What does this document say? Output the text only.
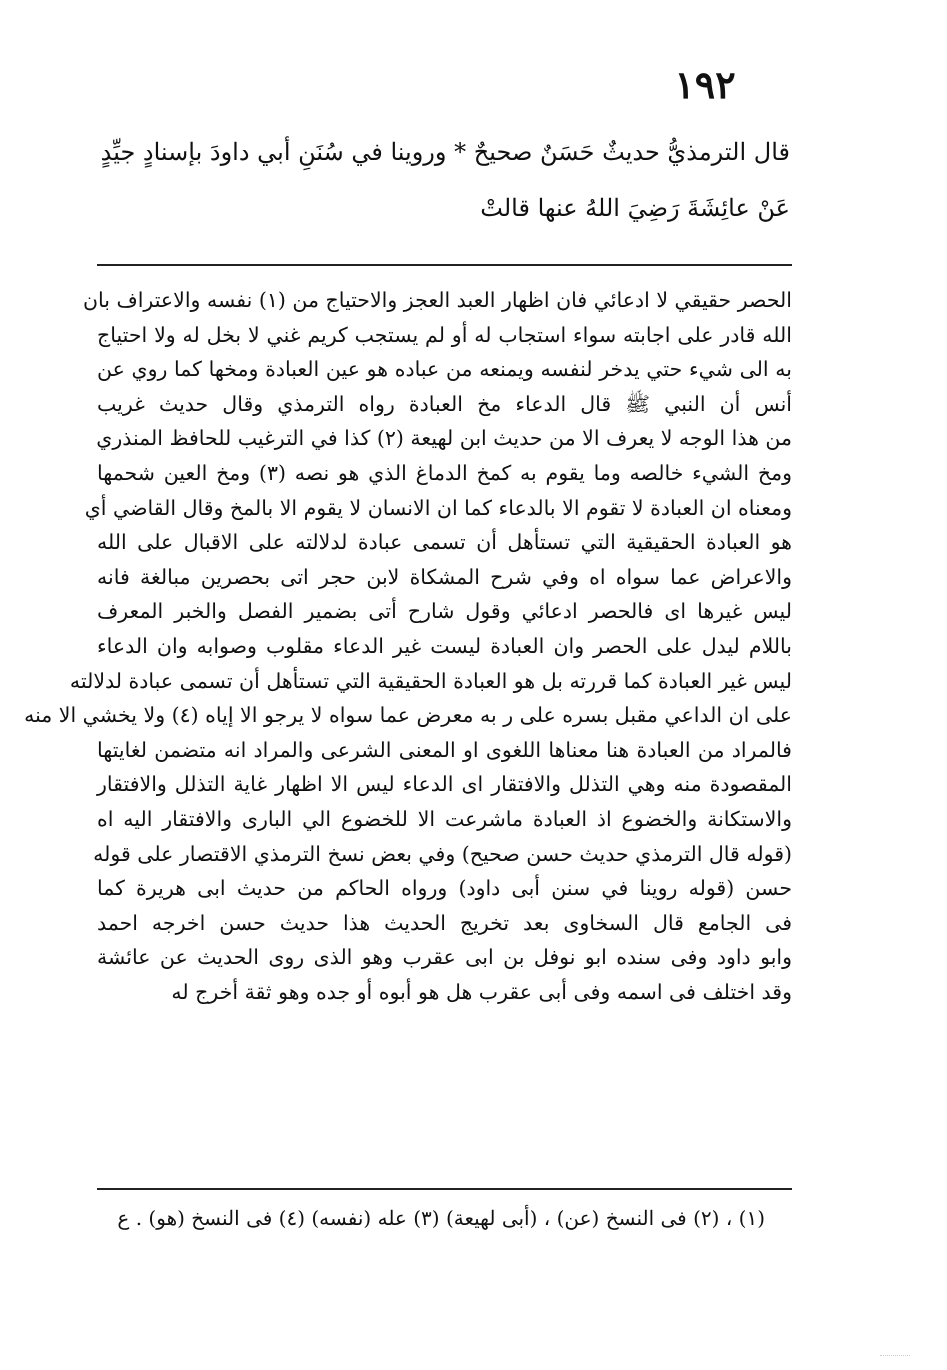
١٩٢
قال الترمذيُّ حديثٌ حَسَنٌ صحيحٌ * وروينا في سُنَنِ أبي داودَ بإسنادٍ جيِّدٍ
عَنْ عائِشَةَ رَضِيَ اللهُ عنها قالتْ
الحصر حقيقي لا ادعائي فان اظهار العبد العجز والاحتياج من (١) نفسه والاعتراف بان
الله قادر على اجابته سواء استجاب له أو لم يستجب كريم غني لا بخل له ولا احتياج
به الى شيء حتي يدخر لنفسه ويمنعه من عباده هو عين العبادة ومخها كما روي عن
أنس أن النبي ﷺ قال الدعاء مخ العبادة رواه الترمذي وقال حديث غريب
من هذا الوجه لا يعرف الا من حديث ابن لهيعة (٢) كذا في الترغيب للحافظ المنذري
ومخ الشيء خالصه وما يقوم به كمخ الدماغ الذي هو نصه (٣) ومخ العين شحمها
ومعناه ان العبادة لا تقوم الا بالدعاء كما ان الانسان لا يقوم الا بالمخ وقال القاضي أي
هو العبادة الحقيقية التي تستأهل أن تسمى عبادة لدلالته على الاقبال على الله
والاعراض عما سواه اه وفي شرح المشكاة لابن حجر اتى بحصرين مبالغة فانه
ليس غيرها اى فالحصر ادعائي وقول شارح أتى بضمير الفصل والخبر المعرف
باللام ليدل على الحصر وان العبادة ليست غير الدعاء مقلوب وصوابه وان الدعاء
ليس غير العبادة كما قررته بل هو العبادة الحقيقية التي تستأهل أن تسمى عبادة لدلالته
على ان الداعي مقبل بسره على ر به معرض عما سواه لا يرجو الا إياه (٤) ولا يخشي الا منه
فالمراد من العبادة هنا معناها اللغوى او المعنى الشرعى والمراد انه متضمن لغايتها
المقصودة منه وهي التذلل والافتقار اى الدعاء ليس الا اظهار غاية التذلل والافتقار
والاستكانة والخضوع اذ العبادة ماشرعت الا للخضوع الي البارى والافتقار اليه اه
(قوله قال الترمذي حديث حسن صحيح) وفي بعض نسخ الترمذي الاقتصار على قوله
حسن (قوله روينا في سنن أبى داود) ورواه الحاكم من حديث ابى هريرة كما
فى الجامع قال السخاوى بعد تخريج الحديث هذا حديث حسن اخرجه احمد
وابو داود وفى سنده ابو نوفل بن ابى عقرب وهو الذى روى الحديث عن عائشة
وقد اختلف فى اسمه وفى أبى عقرب هل هو أبوه أو جده وهو ثقة أخرج له
(١) ، (٢) فى النسخ (عن) ، (أبى لهيعة) (٣) عله (نفسه) (٤) فى النسخ (هو) . ع
